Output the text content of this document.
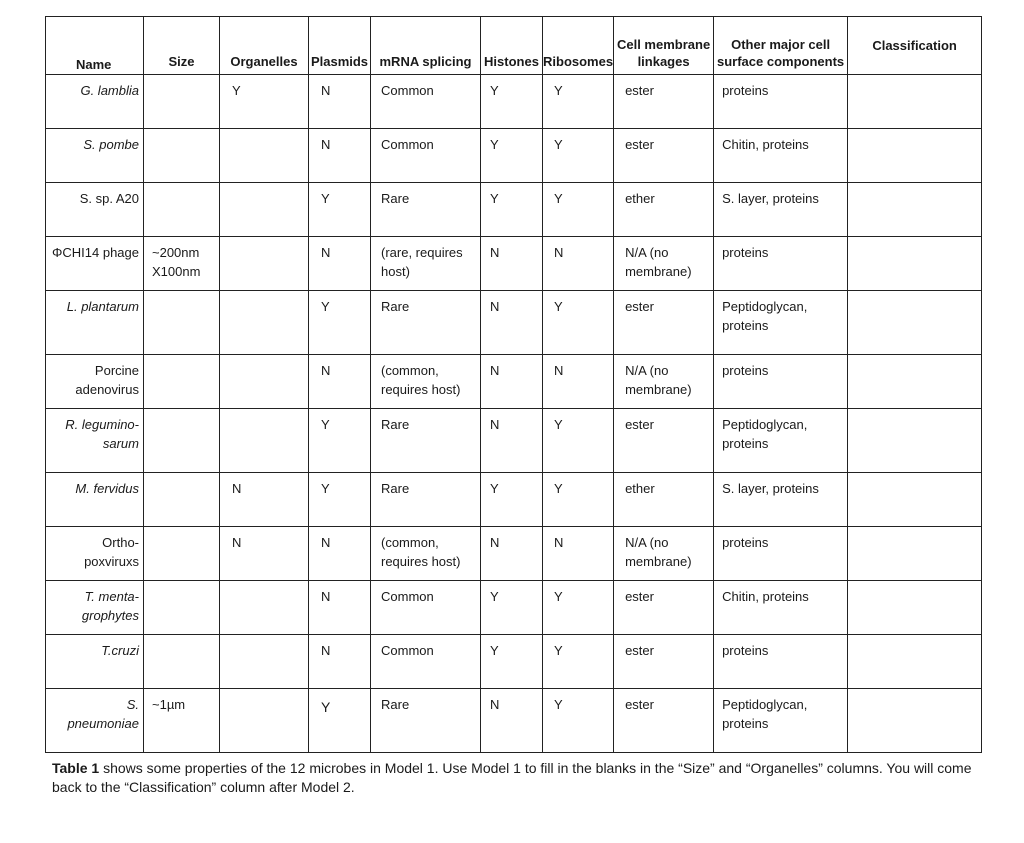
Name	Size	Organelles	Plasmids	mRNA splicing	Histones	Ribosomes	Cell membrane linkages	Other major cell surface components	Classification

G. lamblia		Y	N	Common	Y	Y	ester	proteins	

S. pombe			N	Common	Y	Y	ester	Chitin, proteins	

S. sp. A20			Y	Rare	Y	Y	ether	S. layer, proteins	

ΦCHI14 phage	~200nm X100nm		N	(rare, requires host)	N	N	N/A (no membrane)	proteins	

L. plantarum			Y	Rare	N	Y	ester	Peptidoglycan, proteins	

Porcine adenovirus			N	(common, requires host)	N	N	N/A (no membrane)	proteins	

R. legumino-sarum			Y	Rare	N	Y	ester	Peptidoglycan, proteins	

M. fervidus		N	Y	Rare	Y	Y	ether	S. layer, proteins	

Ortho-poxviruxs		N	N	(common, requires host)	N	N	N/A (no membrane)	proteins	

T. menta-grophytes			N	Common	Y	Y	ester	Chitin, proteins	

T.cruzi			N	Common	Y	Y	ester	proteins	

S. pneumoniae	~1µm		Y	Rare	N	Y	ester	Peptidoglycan, proteins	

Table 1 shows some properties of the 12 microbes in Model 1. Use Model 1 to fill in the blanks in the “Size” and “Organelles” columns. You will come back to the “Classification” column after Model 2.
